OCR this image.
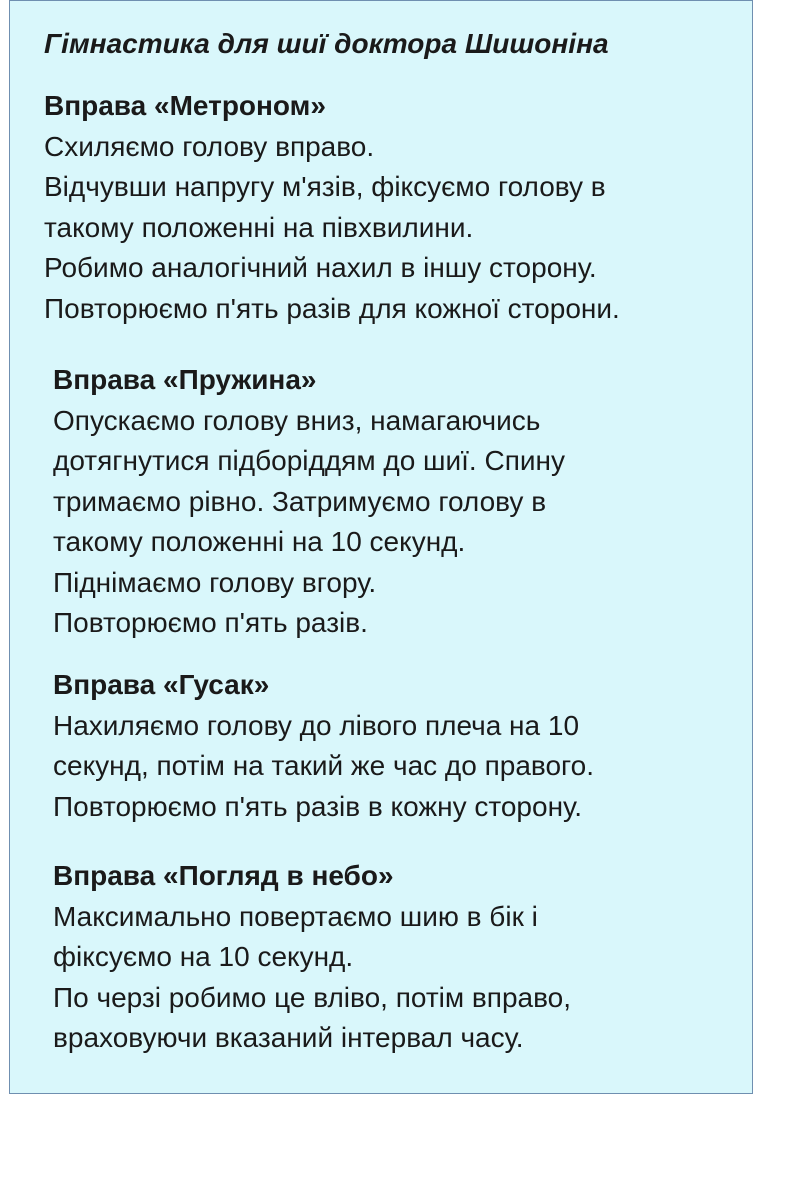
Гімнастика для шиї доктора Шишоніна
Вправа «Метроном»
Схиляємо голову вправо.
Відчувши напругу м'язів, фіксуємо голову в
такому положенні на півхвилини.
Робимо аналогічний нахил в іншу сторону.
Повторюємо п'ять разів для кожної сторони.
Вправа «Пружина»
Опускаємо голову вниз, намагаючись
дотягнутися підборіддям до шиї. Спину
тримаємо рівно. Затримуємо голову в
такому положенні на 10 секунд.
Піднімаємо голову вгору.
Повторюємо п'ять разів.
Вправа «Гусак»
Нахиляємо голову до лівого плеча на 10
секунд, потім на такий же час до правого.
Повторюємо п'ять разів в кожну сторону.
Вправа «Погляд в небо»
Максимально повертаємо шию в бік і
фіксуємо на 10 секунд.
По черзі робимо це вліво, потім вправо,
враховуючи вказаний інтервал часу.
